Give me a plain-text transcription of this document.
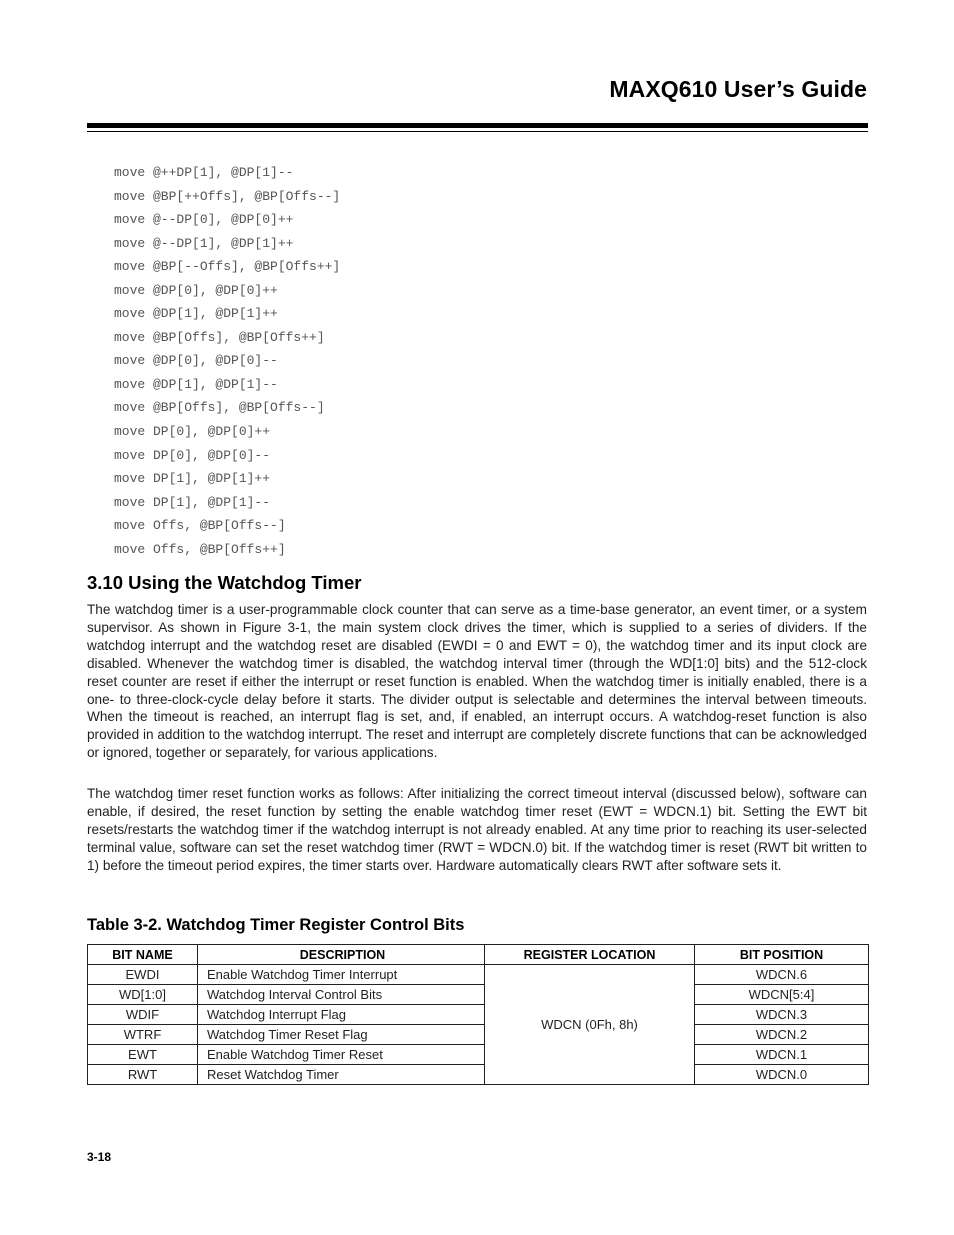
MAXQ610 User’s Guide
move @++DP[1], @DP[1]--
move @BP[++Offs], @BP[Offs--]
move @--DP[0], @DP[0]++
move @--DP[1], @DP[1]++
move @BP[--Offs], @BP[Offs++]
move @DP[0], @DP[0]++
move @DP[1], @DP[1]++
move @BP[Offs], @BP[Offs++]
move @DP[0], @DP[0]--
move @DP[1], @DP[1]--
move @BP[Offs], @BP[Offs--]
move DP[0], @DP[0]++
move DP[0], @DP[0]--
move DP[1], @DP[1]++
move DP[1], @DP[1]--
move Offs, @BP[Offs--]
move Offs, @BP[Offs++]
3.10 Using the Watchdog Timer

The watchdog timer is a user-programmable clock counter that can serve as a time-base generator, an event timer, or a system supervisor. As shown in Figure 3-1, the main system clock drives the timer, which is supplied to a series of dividers. If the watchdog interrupt and the watchdog reset are disabled (EWDI = 0 and EWT = 0), the watchdog timer and its input clock are disabled. Whenever the watchdog timer is disabled, the watchdog interval timer (through the WD[1:0] bits) and the 512-clock reset counter are reset if either the interrupt or reset function is enabled. When the watchdog timer is initially enabled, there is a one- to three-clock-cycle delay before it starts. The divider output is selectable and determines the interval between timeouts. When the timeout is reached, an interrupt flag is set, and, if enabled, an interrupt occurs. A watchdog-reset function is also provided in addition to the watchdog interrupt. The reset and interrupt are completely discrete functions that can be acknowledged or ignored, together or separately, for various applications.

The watchdog timer reset function works as follows: After initializing the correct timeout interval (discussed below), software can enable, if desired, the reset function by setting the enable watchdog timer reset (EWT = WDCN.1) bit. Setting the EWT bit resets/restarts the watchdog timer if the watchdog interrupt is not already enabled. At any time prior to reaching its user-selected terminal value, software can set the reset watchdog timer (RWT = WDCN.0) bit. If the watchdog timer is reset (RWT bit written to 1) before the timeout period expires, the timer starts over. Hardware automatically clears RWT after software sets it.

Table 3-2. Watchdog Timer Register Control Bits
BIT NAME	DESCRIPTION	REGISTER LOCATION	BIT POSITION
EWDI	Enable Watchdog Timer Interrupt	WDCN (0Fh, 8h)	WDCN.6
WD[1:0]	Watchdog Interval Control Bits		WDCN[5:4]
WDIF	Watchdog Interrupt Flag		WDCN.3
WTRF	Watchdog Timer Reset Flag		WDCN.2
EWT	Enable Watchdog Timer Reset		WDCN.1
RWT	Reset Watchdog Timer		WDCN.0

3-18
